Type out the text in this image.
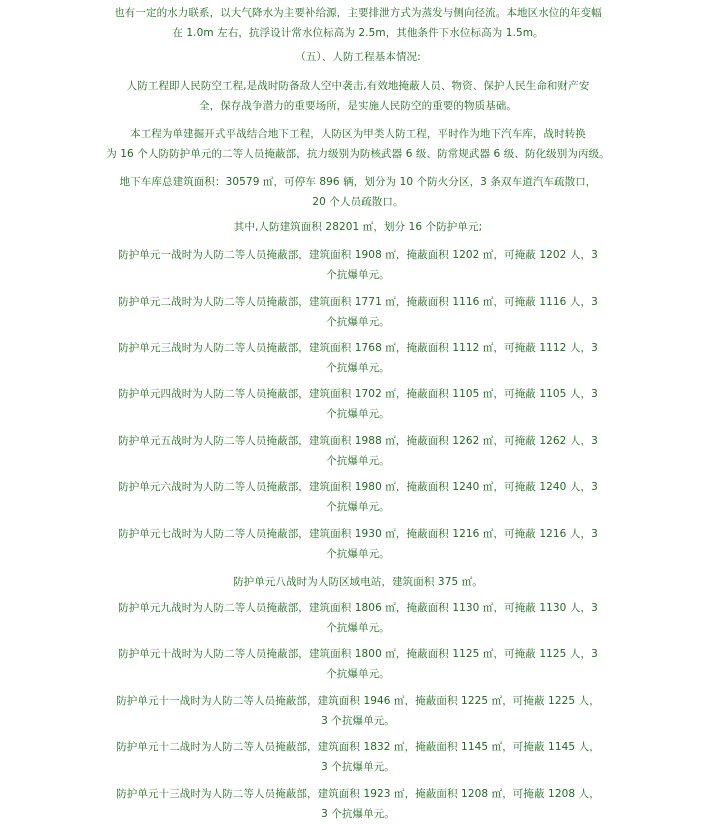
也有一定的水力联系，以大气降水为主要补给源，主要排泄方式为蒸发与侧向径流。本地区水位的年变幅
在 1.0m 左右，抗浮设计常水位标高为 2.5m，其他条件下水位标高为 1.5m。
（五）、人防工程基本情况:
人防工程即人民防空工程,是战时防备敌人空中袭击,有效地掩蔽人员、物资、保护人民生命和财产安
全，保存战争潜力的重要场所，是实施人民防空的重要的物质基础。
本工程为单建掘开式平战结合地下工程，人防区为甲类人防工程，平时作为地下汽车库，战时转换
为 16 个人防防护单元的二等人员掩蔽部，抗力级别为防核武器 6 级、防常规武器 6 级、防化级别为丙级。
地下车库总建筑面积：30579 ㎡，可停车 896 辆，划分为 10 个防火分区，3 条双车道汽车疏散口，
20 个人员疏散口。
其中,人防建筑面积 28201 ㎡，划分 16 个防护单元;
防护单元一战时为人防二等人员掩蔽部，建筑面积 1908 ㎡，掩蔽面积 1202 ㎡，可掩蔽 1202 人，3
个抗爆单元。
防护单元二战时为人防二等人员掩蔽部，建筑面积 1771 ㎡，掩蔽面积 1116 ㎡，可掩蔽 1116 人，3
个抗爆单元。
防护单元三战时为人防二等人员掩蔽部，建筑面积 1768 ㎡，掩蔽面积 1112 ㎡，可掩蔽 1112 人，3
个抗爆单元。
防护单元四战时为人防二等人员掩蔽部，建筑面积 1702 ㎡，掩蔽面积 1105 ㎡，可掩蔽 1105 人，3
个抗爆单元。
防护单元五战时为人防二等人员掩蔽部，建筑面积 1988 ㎡，掩蔽面积 1262 ㎡，可掩蔽 1262 人，3
个抗爆单元。
防护单元六战时为人防二等人员掩蔽部，建筑面积 1980 ㎡，掩蔽面积 1240 ㎡，可掩蔽 1240 人，3
个抗爆单元。
防护单元七战时为人防二等人员掩蔽部，建筑面积 1930 ㎡，掩蔽面积 1216 ㎡，可掩蔽 1216 人，3
个抗爆单元。
防护单元八战时为人防区域电站，建筑面积 375 ㎡。
防护单元九战时为人防二等人员掩蔽部，建筑面积 1806 ㎡，掩蔽面积 1130 ㎡，可掩蔽 1130 人，3
个抗爆单元。
防护单元十战时为人防二等人员掩蔽部，建筑面积 1800 ㎡，掩蔽面积 1125 ㎡，可掩蔽 1125 人，3
个抗爆单元。
防护单元十一战时为人防二等人员掩蔽部，建筑面积 1946 ㎡，掩蔽面积 1225 ㎡，可掩蔽 1225 人，
3 个抗爆单元。
防护单元十二战时为人防二等人员掩蔽部，建筑面积 1832 ㎡，掩蔽面积 1145 ㎡，可掩蔽 1145 人，
3 个抗爆单元。
防护单元十三战时为人防二等人员掩蔽部，建筑面积 1923 ㎡，掩蔽面积 1208 ㎡，可掩蔽 1208 人，
3 个抗爆单元。
